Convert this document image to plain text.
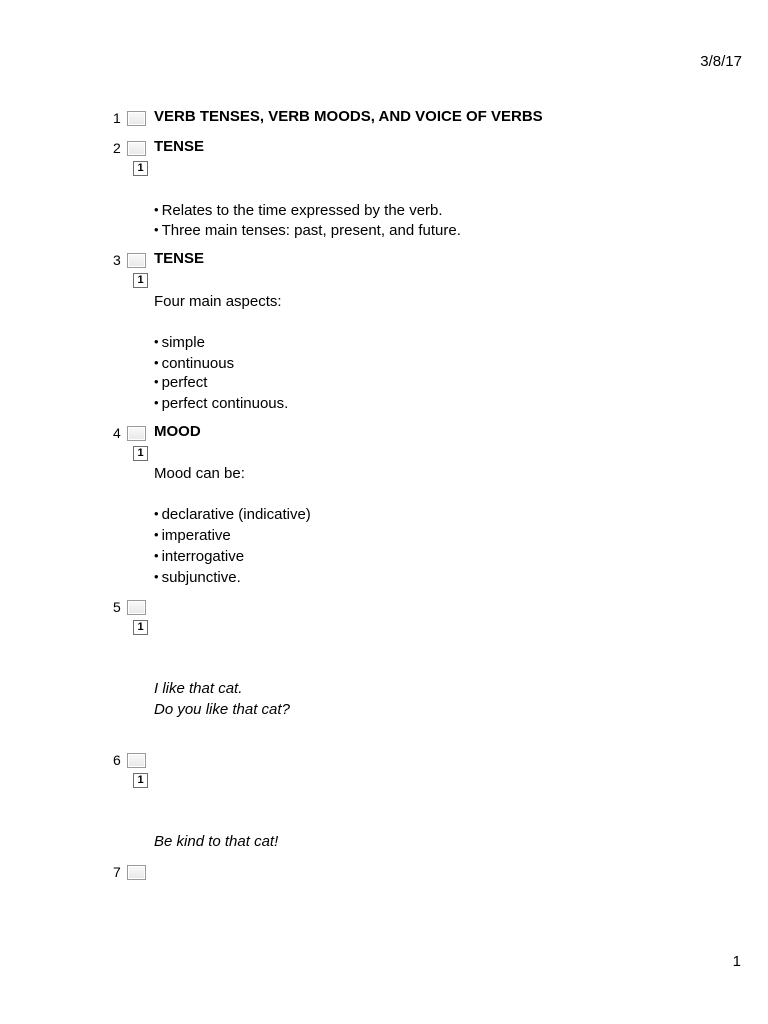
3/8/17
1 VERB TENSES, VERB MOODS, AND VOICE OF VERBS
2 TENSE
1
• Relates to the time expressed by the verb.
• Three main tenses: past, present, and future.
3 TENSE
1
Four main aspects:
• simple
• continuous
• perfect
• perfect continuous.
4 MOOD
1
Mood can be:
• declarative (indicative)
• imperative
• interrogative
• subjunctive.
5
1
I like that cat.
Do you like that cat?
6
1
Be kind to that cat!
7
1
